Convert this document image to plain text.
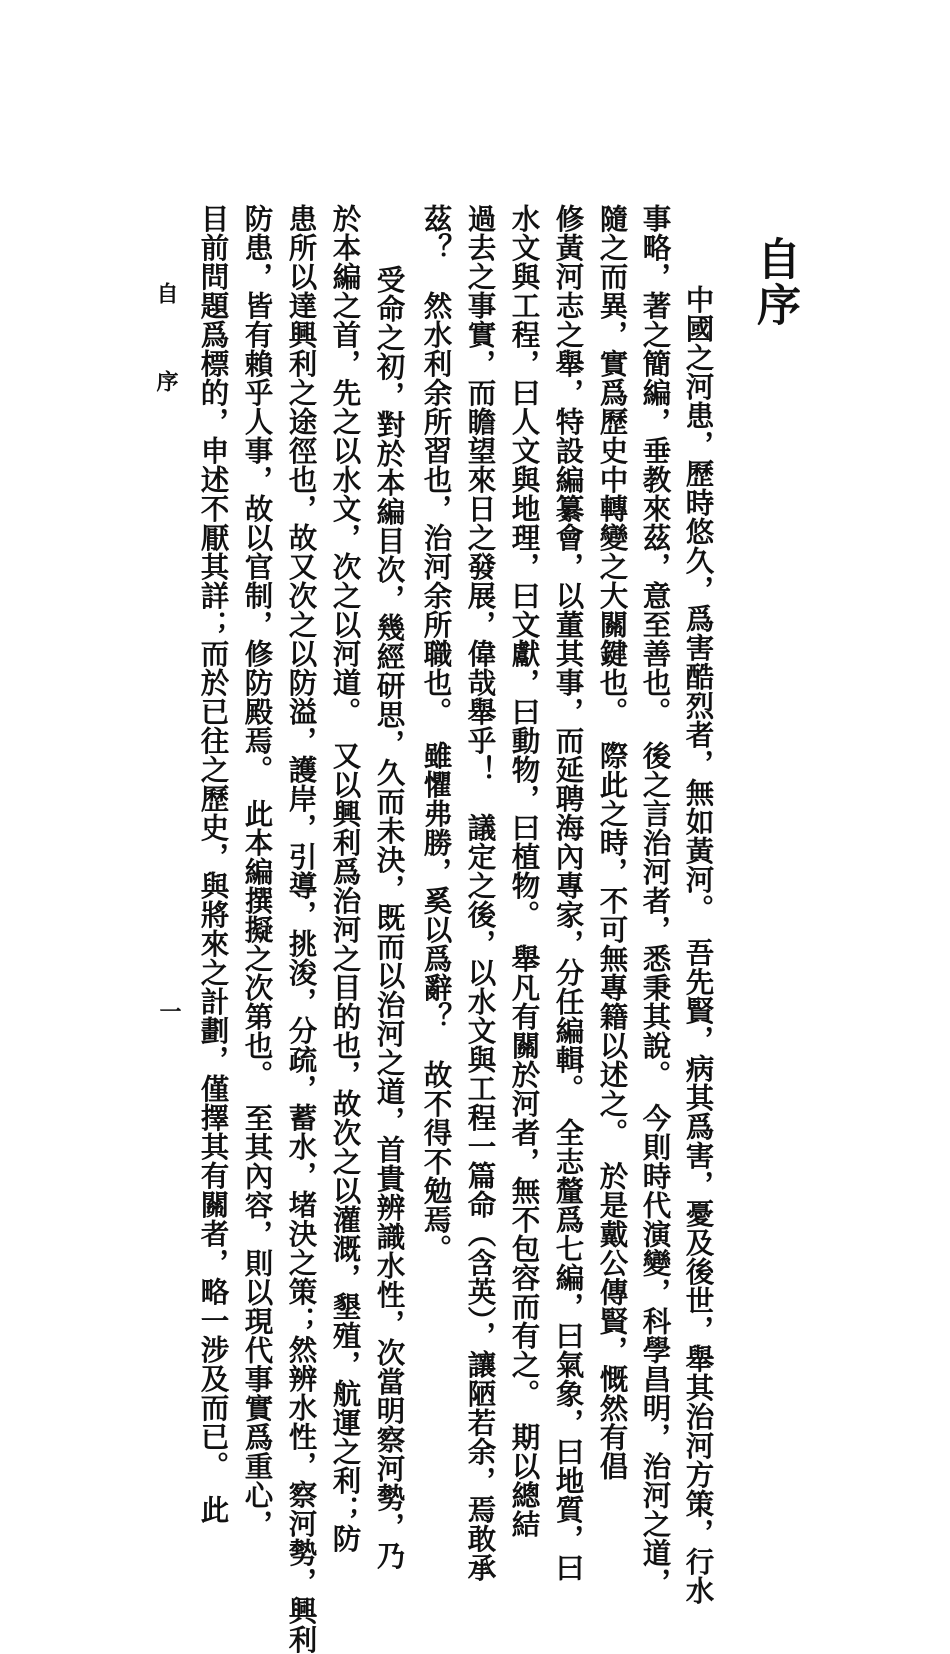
自序
　中國之河患，歷時悠久，爲害酷烈者，無如黃河。　吾先賢，病其爲害，憂及後世，舉其治河方策，行水
事略，著之簡編，垂教來茲，意至善也。　後之言治河者，悉秉其說。　今則時代演變，科學昌明，治河之道，
隨之而異，實爲歷史中轉變之大關鍵也。　際此之時，不可無專籍以述之。　於是戴公傳賢，慨然有倡
修黃河志之舉，特設編纂會，以董其事，而延聘海內專家，分任編輯。　全志釐爲七編，曰氣象，曰地質，曰
水文與工程，曰人文與地理，曰文獻，曰動物，曰植物。　舉凡有關於河者，無不包容而有之。　期以總結
過去之事實，而瞻望來日之發展，偉哉舉乎！　議定之後，以水文與工程一篇命（含英），讓陋若余，焉敢承
茲？　然水利余所習也，治河余所職也。　雖懼弗勝，奚以爲辭？　故不得不勉焉。
　受命之初，對於本編目次，幾經研思，久而未決，既而以治河之道，首貴辨識水性，次當明察河勢，乃
於本編之首，先之以水文，次之以河道。　又以興利爲治河之目的也，故次之以灌溉，墾殖，航運之利；防
患所以達興利之途徑也，故又次之以防溢，護岸，引導，挑浚，分疏，蓄水，堵決之策；然辨水性，察河勢，興利
防患，皆有賴乎人事，故以官制，修防殿焉。　此本編撰擬之次第也。　至其內容，則以現代事實爲重心，
目前問題爲標的，申述不厭其詳；而於已往之歷史，與將來之計劃，僅擇其有關者，略一涉及而已。　此
自　序
一
